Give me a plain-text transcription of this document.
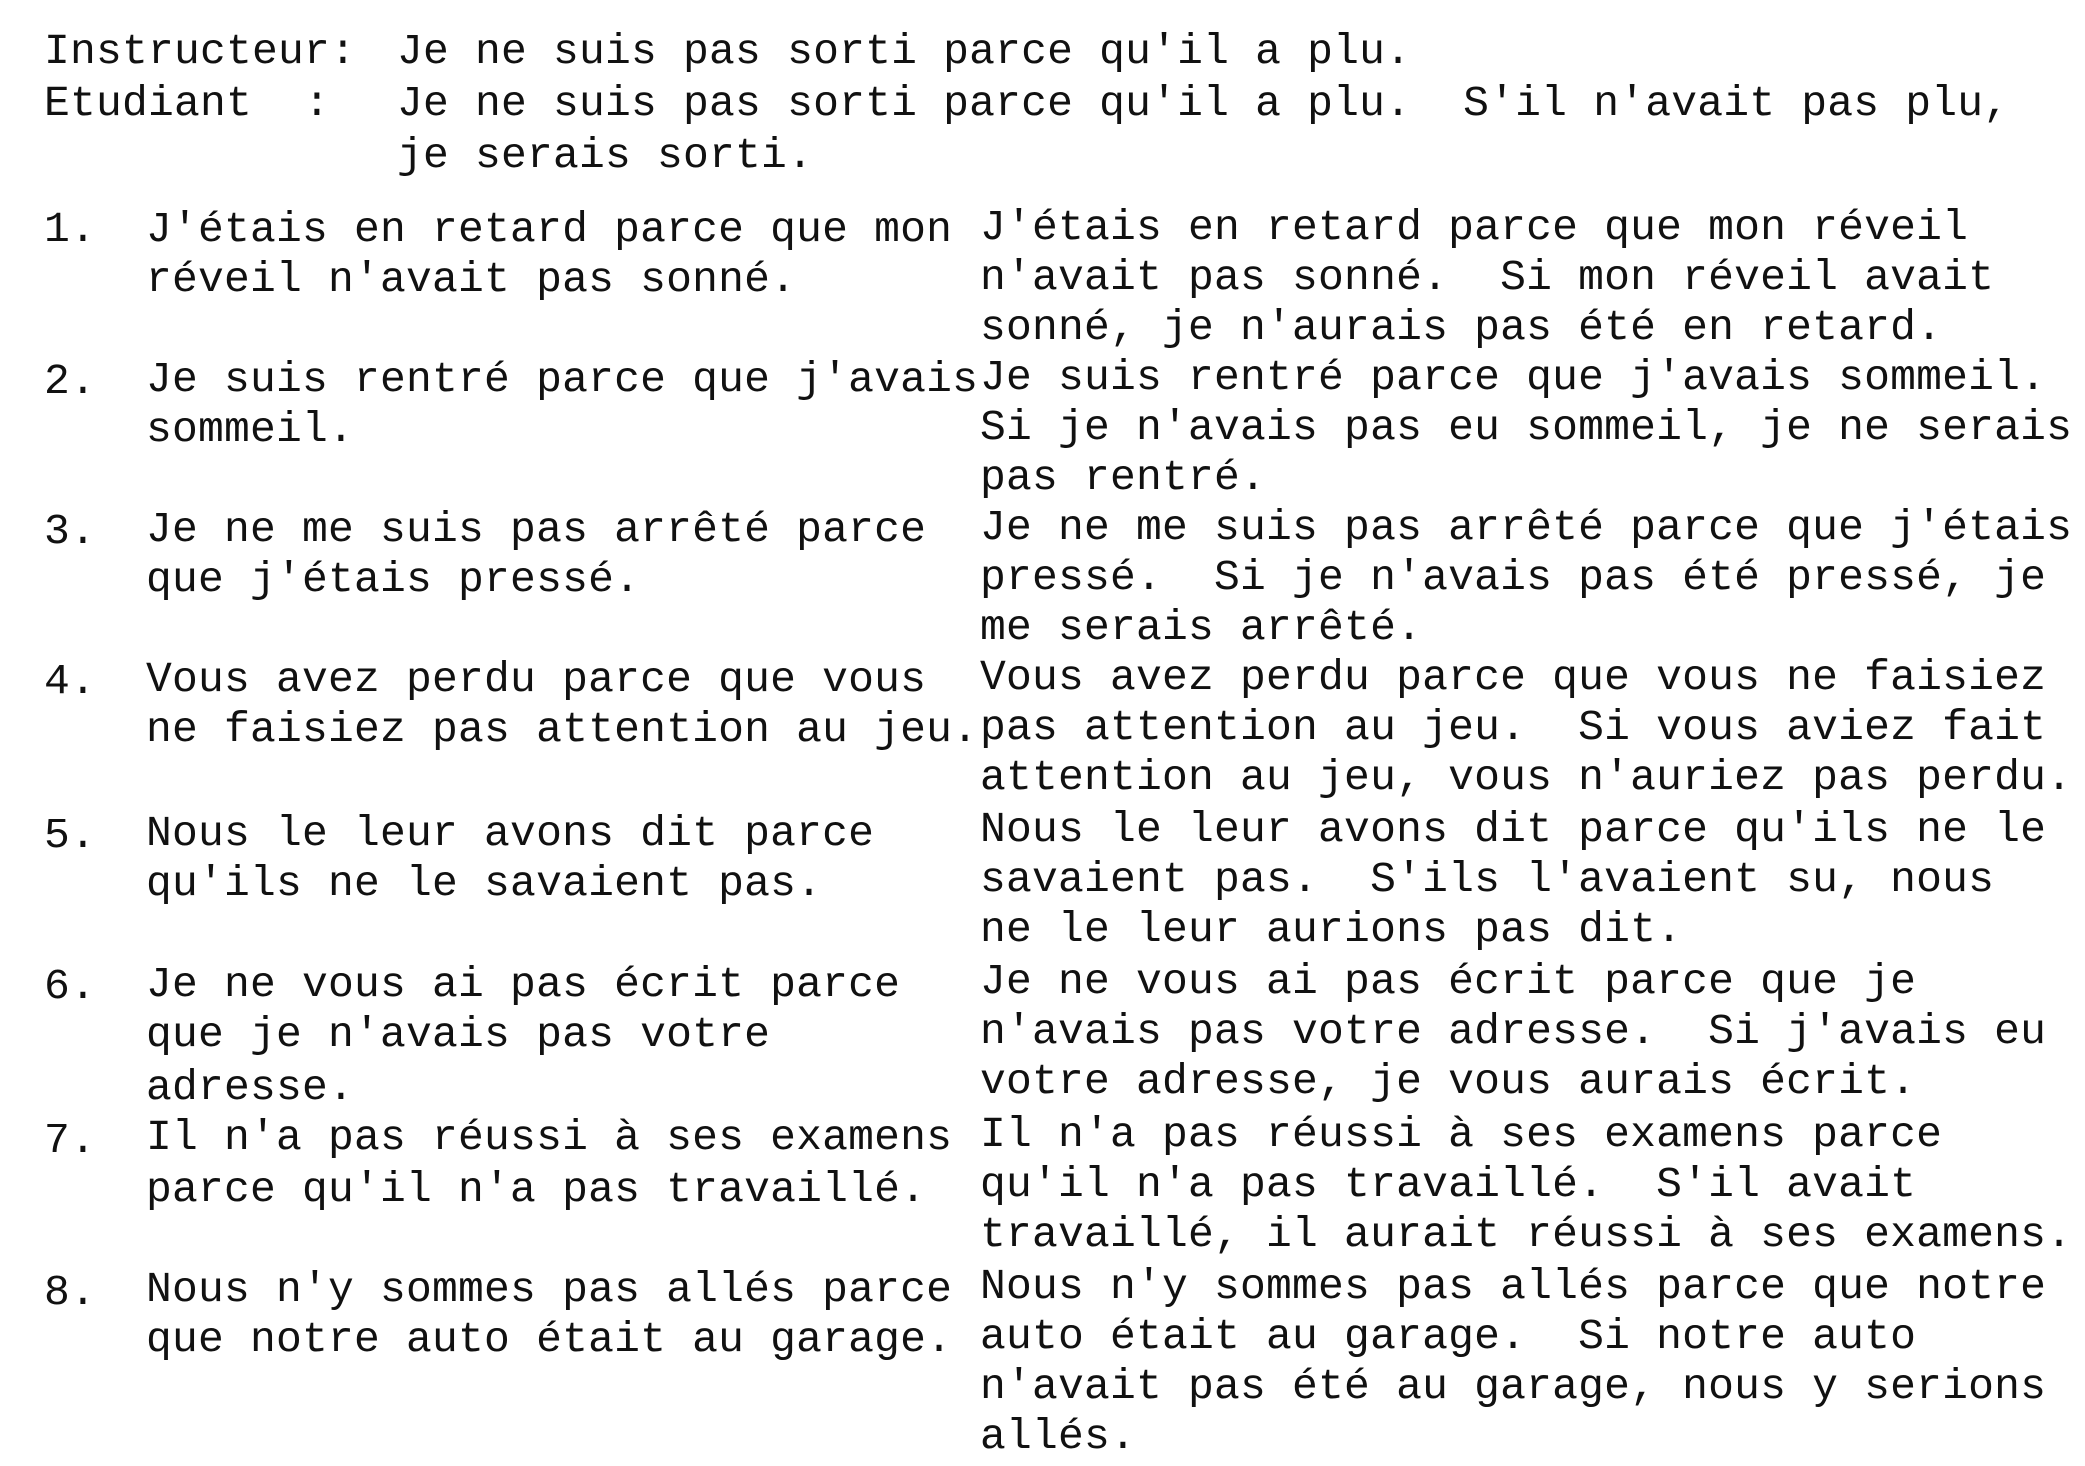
Instructeur: Je ne suis pas sorti parce qu'il a plu.
Etudiant  : Je ne suis pas sorti parce qu'il a plu.  S'il n'avait pas plu,
je serais sorti.
1. J'étais en retard parce que mon
réveil n'avait pas sonné.
J'étais en retard parce que mon réveil
n'avait pas sonné.  Si mon réveil avait
sonné, je n'aurais pas été en retard.
2. Je suis rentré parce que j'avais
sommeil.
Je suis rentré parce que j'avais sommeil.
Si je n'avais pas eu sommeil, je ne serais
pas rentré.
3. Je ne me suis pas arrêté parce
que j'étais pressé.
Je ne me suis pas arrêté parce que j'étais
pressé.  Si je n'avais pas été pressé, je
me serais arrêté.
4. Vous avez perdu parce que vous
ne faisiez pas attention au jeu.
Vous avez perdu parce que vous ne faisiez
pas attention au jeu.  Si vous aviez fait
attention au jeu, vous n'auriez pas perdu.
5. Nous le leur avons dit parce
qu'ils ne le savaient pas.
Nous le leur avons dit parce qu'ils ne le
savaient pas.  S'ils l'avaient su, nous
ne le leur aurions pas dit.
6. Je ne vous ai pas écrit parce
que je n'avais pas votre
adresse.
Je ne vous ai pas écrit parce que je
n'avais pas votre adresse.  Si j'avais eu
votre adresse, je vous aurais écrit.
7. Il n'a pas réussi à ses examens
parce qu'il n'a pas travaillé.
Il n'a pas réussi à ses examens parce
qu'il n'a pas travaillé.  S'il avait
travaillé, il aurait réussi à ses examens.
8. Nous n'y sommes pas allés parce
que notre auto était au garage.
Nous n'y sommes pas allés parce que notre
auto était au garage.  Si notre auto
n'avait pas été au garage, nous y serions
allés.
